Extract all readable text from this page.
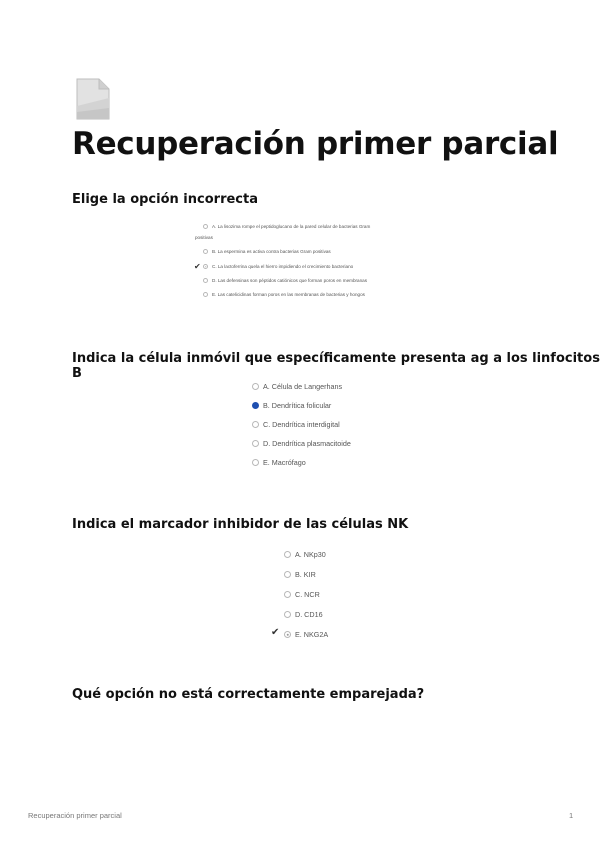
Recuperación primer parcial
Elige la opción incorrecta
A. La lisozima rompe el peptidoglucano de la pared celular de bacterias Gram
B. La espermina es activa contra bacterias Gram positivas
C. La lactoferrina quela el hierro impidiendo el crecimiento bacteriano
D. Las defensinas son péptidos catiónicos que forman poros en membranas
E. Las catelicidinas forman poros en las membranas de bacterias y hongos
positivas
✔
Indica la célula inmóvil que específicamente presenta ag a los linfocitos B
A. Célula de Langerhans
B. Dendrítica folicular
C. Dendrítica interdigital
D. Dendrítica plasmacitoide
E. Macrófago
Indica el marcador inhibidor de las células NK
A. NKp30
B. KIR
C. NCR
D. CD16
E. NKG2A
✔
Qué opción no está correctamente emparejada?
Recuperación primer parcial	1
